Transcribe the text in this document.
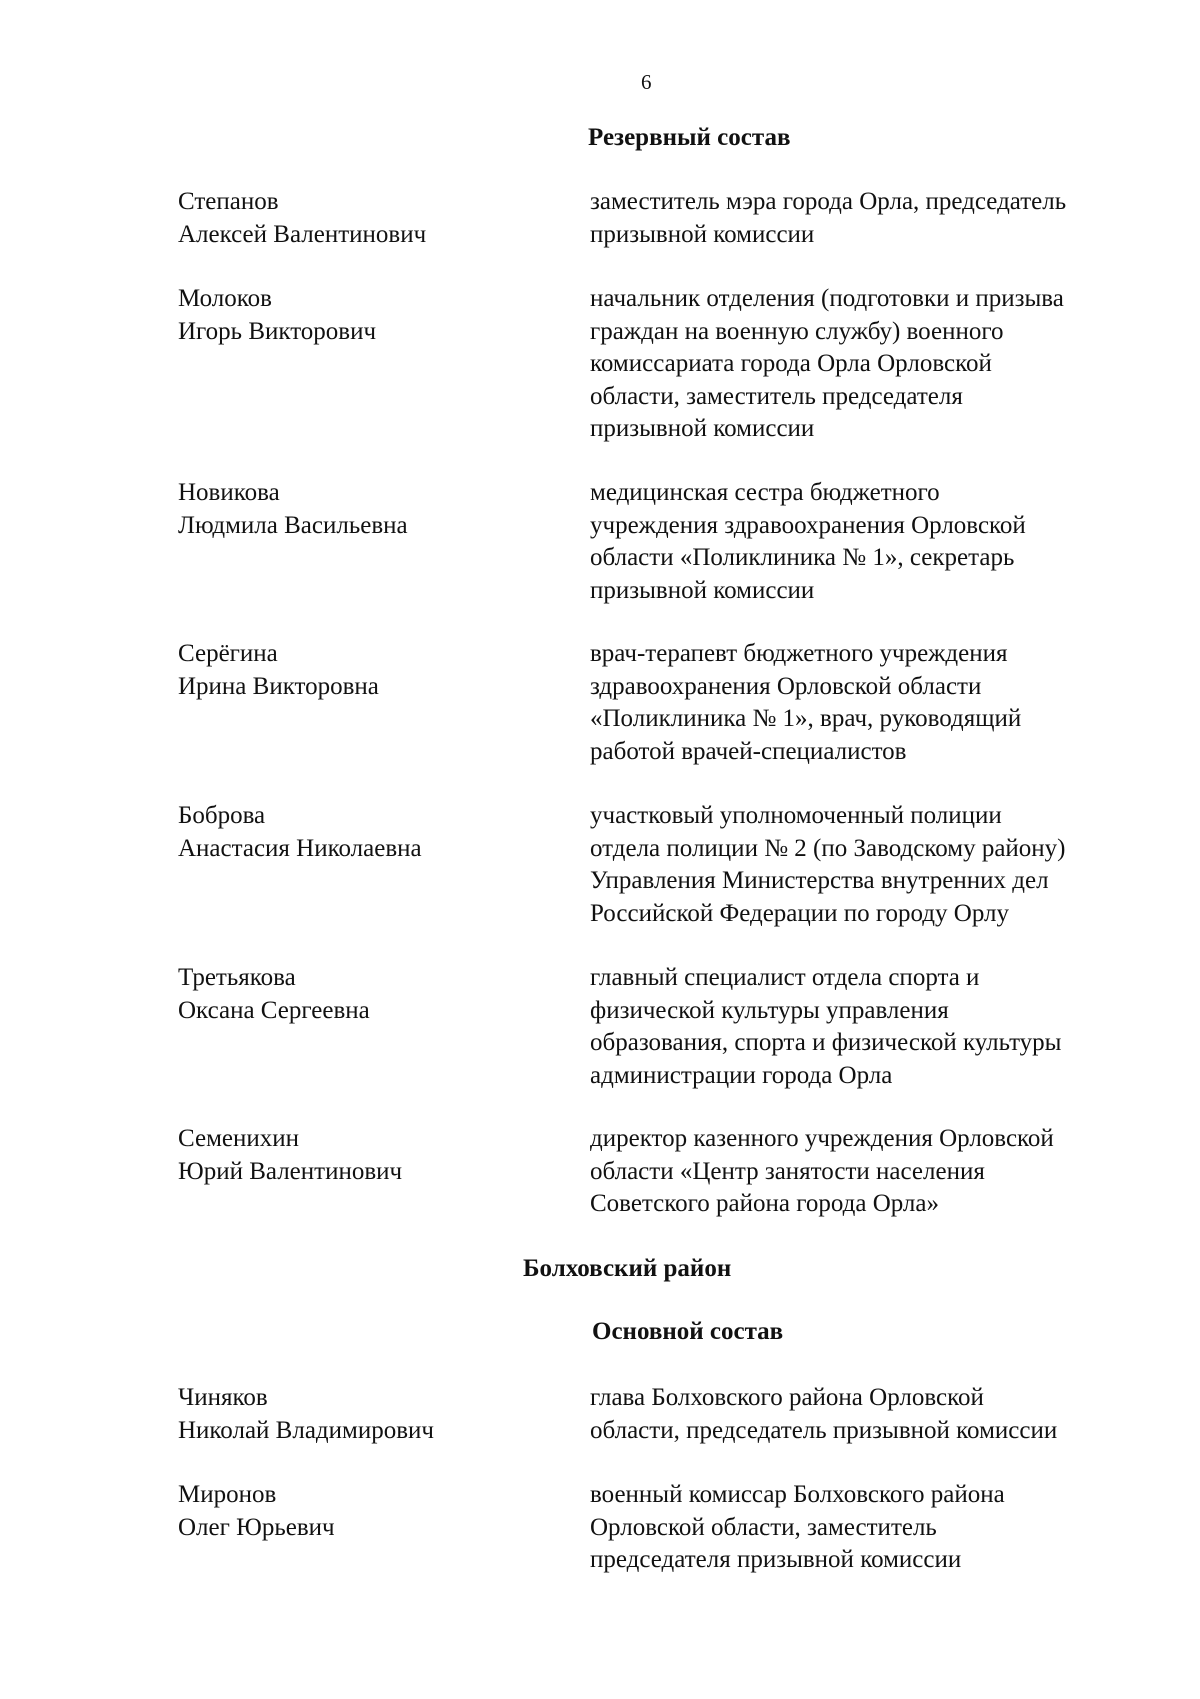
6
Резервный состав
Степанов
Алексей Валентинович
заместитель мэра города Орла, председатель
призывной комиссии
Молоков
Игорь Викторович
начальник отделения (подготовки и призыва
граждан на военную службу) военного
комиссариата города Орла Орловской
области, заместитель председателя
призывной комиссии
Новикова
Людмила Васильевна
медицинская сестра бюджетного
учреждения здравоохранения Орловской
области «Поликлиника № 1», секретарь
призывной комиссии
Серёгина
Ирина Викторовна
врач-терапевт бюджетного учреждения
здравоохранения Орловской области
«Поликлиника № 1», врач, руководящий
работой врачей-специалистов
Боброва
Анастасия Николаевна
участковый уполномоченный полиции
отдела полиции № 2 (по Заводскому району)
Управления Министерства внутренних дел
Российской Федерации по городу Орлу
Третьякова
Оксана Сергеевна
главный специалист отдела спорта и
физической культуры управления
образования, спорта и физической культуры
администрации города Орла
Семенихин
Юрий Валентинович
директор казенного учреждения Орловской
области «Центр занятости населения
Советского района города Орла»
Болховский район
Основной состав
Чиняков
Николай Владимирович
глава Болховского района Орловской
области, председатель призывной комиссии
Миронов
Олег Юрьевич
военный комиссар Болховского района
Орловской области, заместитель
председателя призывной комиссии
